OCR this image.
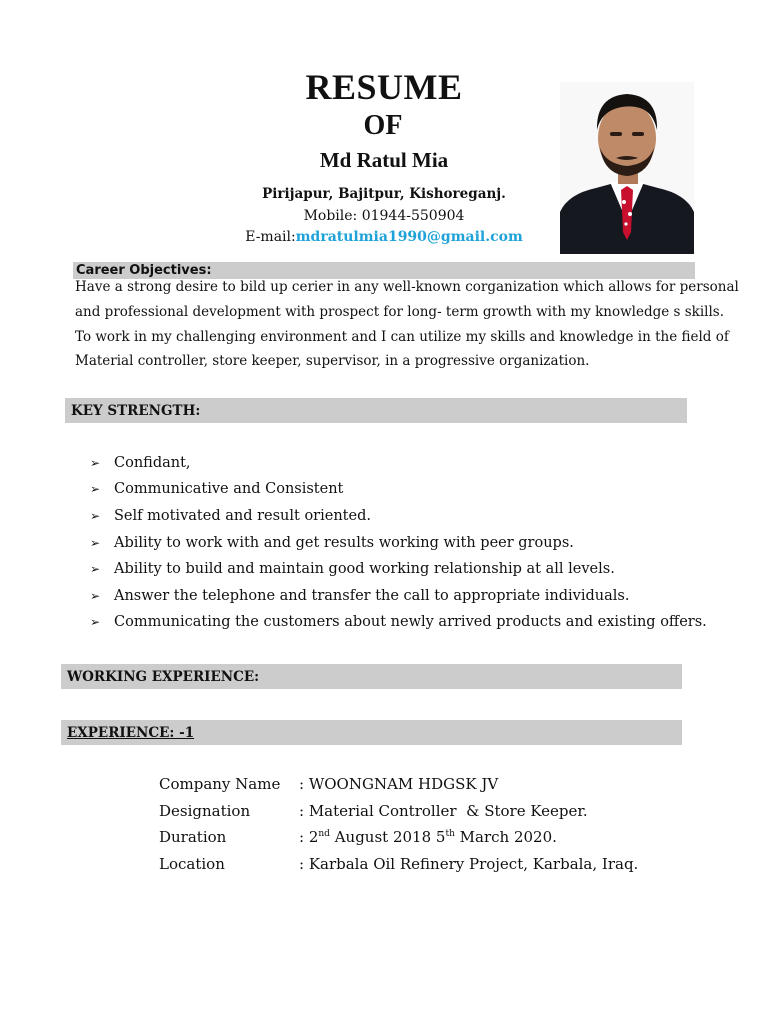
RESUME
OF
Md Ratul Mia
Pirijapur, Bajitpur, Kishoreganj.
Mobile: 01944-550904
E-mail:mdratulmia1990@gmail.com
Career Objectives:
Have a strong desire to bild up cerier in any well-known corganization which allows for personal
and professional development with prospect for long- term growth with my knowledge s skills.
To work in my challenging environment and I can utilize my skills and knowledge in the field of
Material controller, store keeper, supervisor, in a progressive organization.
KEY STRENGTH:
➢ Confidant,
➢ Communicative and Consistent
➢ Self motivated and result oriented.
➢ Ability to work with and get results working with peer groups.
➢ Ability to build and maintain good working relationship at all levels.
➢ Answer the telephone and transfer the call to appropriate individuals.
➢ Communicating the customers about newly arrived products and existing offers.
WORKING EXPERIENCE:
EXPERIENCE: -1
Company Name : WOONGNAM HDGSK JV
Designation	: Material Controller  & Store Keeper.
Duration	: 2nd August 2018 5th March 2020.
Location	: Karbala Oil Refinery Project, Karbala, Iraq.
